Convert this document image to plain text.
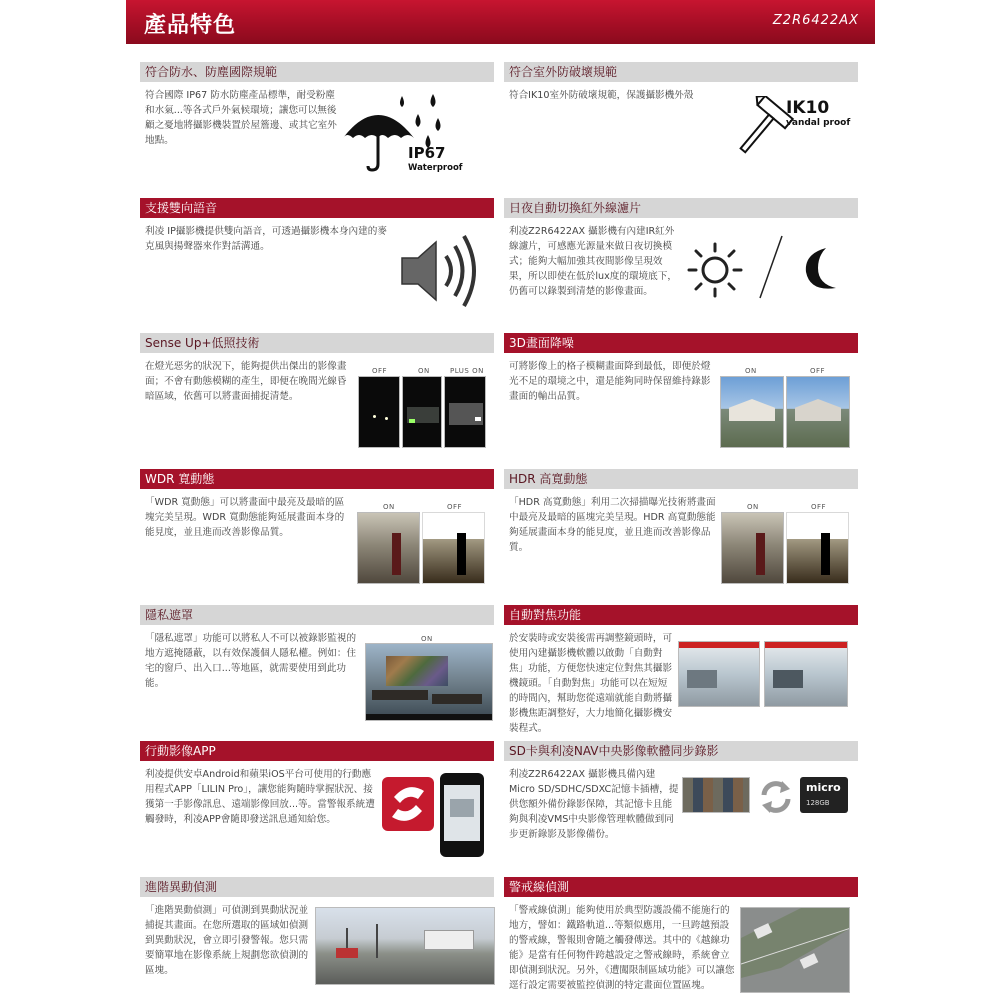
產品特色	Z2R6422AX
符合防水、防塵國際規範
符合國際 IP67 防水防塵產品標準，耐受粉塵和水氣...等各式戶外氣候環境；讓您可以無後顧之憂地將攝影機裝置於屋簷邊、或其它室外地點。
IP67
Waterproof
符合室外防破壞規範
符合IK10室外防破壞規範，保護攝影機外殼
IK10
vandal proof
支援雙向語音
利凌 IP攝影機提供雙向語音，可透過攝影機本身內建的麥克風與揚聲器來作對話溝通。
日夜自動切換紅外線濾片
利凌Z2R6422AX 攝影機有內建IR紅外線濾片，可感應光源量來做日夜切換模式；能夠大幅加強其夜間影像呈現效果，所以即使在低於lux度的環境底下，仍舊可以錄製到清楚的影像畫面。
Sense Up+低照技術
在燈光惡劣的狀況下，能夠提供出傑出的影像畫面；不會有動態模糊的產生，即便在晚間光線昏暗區域，依舊可以將畫面捕捉清楚。
OFF	ON	PLUS ON
3D畫面降噪
可將影像上的格子模糊畫面降到最低，即便於燈光不足的環境之中，還是能夠同時保留維持錄影畫面的輸出品質。
ON	OFF
WDR 寬動態
「WDR 寬動態」可以將畫面中最亮及最暗的區塊完美呈現。WDR 寬動態能夠延展畫面本身的能見度，並且進而改善影像品質。
ON	OFF
HDR 高寬動態
「HDR 高寬動態」利用二次掃描曝光技術將畫面中最亮及最暗的區塊完美呈現。HDR 高寬動態能夠延展畫面本身的能見度，並且進而改善影像品質。
ON	OFF
隱私遮罩
「隱私遮罩」功能可以將私人不可以被錄影監視的地方遮掩隱蔽，以有效保護個人隱私權。例如：住宅的窗戶、出入口...等地區，就需要使用到此功能。
ON
自動對焦功能
於安裝時或安裝後需再調整鏡頭時，可使用內建攝影機軟體以啟動「自動對焦」功能，方便您快速定位對焦其攝影機鏡頭。「自動對焦」功能可以在短短的時間內，幫助您從遠端就能自動將攝影機焦距調整好，大力地簡化攝影機安裝程式。
行動影像APP
利凌提供安卓Android和蘋果iOS平台可使用的行動應用程式APP「LILIN Pro」，讓您能夠隨時掌握狀況、接獲第一手影像訊息、遠端影像回放...等。當警報系統遭觸發時，利凌APP會隨即發送訊息通知給您。
SD卡與利凌NAV中央影像軟體同步錄影
利凌Z2R6422AX 攝影機具備內建Micro SD/SDHC/SDXC記憶卡插槽，提供您額外備份錄影保障，其記憶卡且能夠與利凌VMS中央影像管理軟體做到同步更新錄影及影像備份。
micro
128GB
進階異動偵測
「進階異動偵測」可偵測到異動狀況並捕捉其畫面。在您所選取的區域如偵測到異動狀況，會立即引發警報。您只需要簡單地在影像系統上規劃您欲偵測的區塊。
警戒線偵測
「警戒線偵測」能夠使用於典型防護設備不能施行的地方，譬如：鐵路軌道...等類似應用，一旦跨越預設的警戒線，警報則會隨之觸發傳送。其中的《越線功能》是當有任何物件跨越設定之警戒線時，系統會立即偵測到狀況。另外，《遭闖限制區域功能》可以讓您逕行設定需要被監控偵測的特定畫面位置區塊。
